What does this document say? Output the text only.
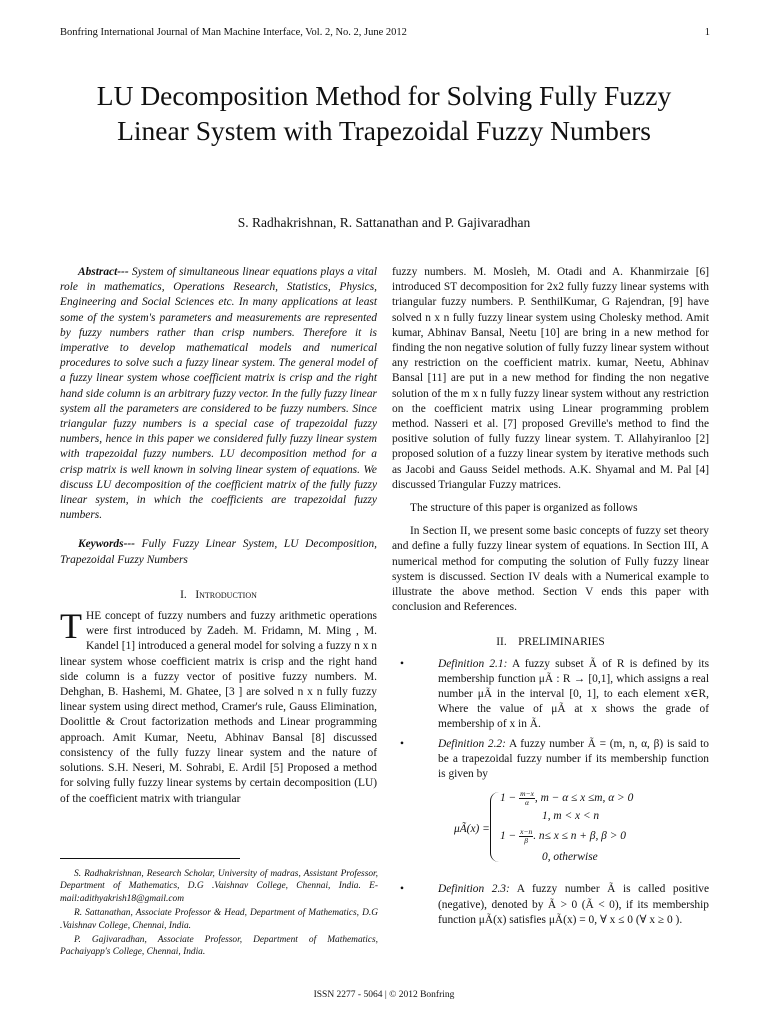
Bonfring International Journal of Man Machine Interface, Vol. 2, No. 2, June 2012	1
LU Decomposition Method for Solving Fully Fuzzy Linear System with Trapezoidal Fuzzy Numbers
S. Radhakrishnan, R. Sattanathan and P. Gajivaradhan

Abstract--- System of simultaneous linear equations plays a vital role in mathematics, Operations Research, Statistics, Physics, Engineering and Social Sciences etc. In many applications at least some of the system's parameters and measurements are represented by fuzzy numbers rather than crisp numbers. Therefore it is imperative to develop mathematical models and numerical procedures to solve such a fuzzy linear system. The general model of a fuzzy linear system whose coefficient matrix is crisp and the right hand side column is an arbitrary fuzzy vector. In the fully fuzzy linear system all the parameters are considered to be fuzzy numbers. Since triangular fuzzy numbers is a special case of trapezoidal fuzzy numbers, hence in this paper we considered fully fuzzy linear system with trapezoidal fuzzy numbers. LU decomposition method for a crisp matrix is well known in solving linear system of equations. We discuss LU decomposition of the coefficient matrix of the fully fuzzy linear system, in which the coefficients are trapezoidal fuzzy numbers.

Keywords--- Fully Fuzzy Linear System, LU Decomposition, Trapezoidal Fuzzy Numbers

I. Introduction
T HE concept of fuzzy numbers and fuzzy arithmetic operations were first introduced by Zadeh. M. Fridamn, M. Ming , M. Kandel [1] introduced a general model for solving a fuzzy n x n linear system whose coefficient matrix is crisp and the right hand side column is a fuzzy vector of positive fuzzy numbers. M. Dehghan, B. Hashemi, M. Ghatee, [3 ] are solved n x n fully fuzzy linear system using direct method, Cramer's rule, Gauss Elimination, Doolittle & Crout factorization methods and Linear programming approach. Amit Kumar, Neetu, Abhinav Bansal [8] discussed consistency of the fully fuzzy linear system and the nature of solutions. S.H. Neseri, M. Sohrabi, E. Ardil [5] Proposed a method for solving fully fuzzy linear systems by certain decomposition (LU) of the coefficient matrix with triangular

S. Radhakrishnan, Research Scholar, University of madras, Assistant Professor, Department of Mathematics, D.G .Vaishnav College, Chennai, India. E-mail:adithyakrish18@gmail.com

R. Sattanathan, Associate Professor & Head, Department of Mathematics, D.G .Vaishnav College, Chennai, India.

P. Gajivaradhan, Associate Professor, Department of Mathematics, Pachaiyapp's College, Chennai, India.

fuzzy numbers. M. Mosleh, M. Otadi and A. Khanmirzaie [6] introduced ST decomposition for 2x2 fully fuzzy linear systems with triangular fuzzy numbers. P. SenthilKumar, G Rajendran, [9] have solved n x n fully fuzzy linear system using Cholesky method. Amit kumar, Abhinav Bansal, Neetu [10] are bring in a new method for finding the non negative solution of fully fuzzy linear system without any restriction on the coefficient matrix. kumar, Neetu, Abhinav Bansal [11] are put in a new method for finding the non negative solution of the m x n fully fuzzy linear system without any restriction on the coefficient matrix using Linear programming problem method. Nasseri et al. [7] proposed Greville's method to find the positive solution of fully fuzzy linear system. T. Allahyiranloo [2] proposed solution of a fuzzy linear system by iterative methods such as Jacobi and Gauss Seidel methods. A.K. Shyamal and M. Pal [4] discussed Triangular Fuzzy matrices.

The structure of this paper is organized as follows

In Section II, we present some basic concepts of fuzzy set theory and define a fully fuzzy linear system of equations. In Section III, A numerical method for computing the solution of Fully fuzzy linear system is discussed. Section IV deals with a Numerical example to illustrate the above method. Section V ends this paper with conclusion and References.

II. PRELIMINARIES
•	Definition 2.1: A fuzzy subset Ã of R is defined by its membership function μÃ : R → [0,1], which assigns a real number μÃ in the interval [0, 1], to each element x∈R, Where the value of μÃ at x shows the grade of membership of x in Ã.
•	Definition 2.2: A fuzzy number Ã = (m, n, α, β) is said to be a trapezoidal fuzzy number if its membership function is given by
μÃ(x) =
$1 - \frac{m-x}{\alpha}$ , m − α ≤ x ≤m, α > 0
1, m < x < n
$1 - \frac{x-n}{\beta}$ . n≤ x ≤ n + β, β > 0
0, otherwise
•	Definition 2.3: A fuzzy number Ã is called positive (negative), denoted by Ã > 0 (Ã < 0), if its membership function μÃ(x) satisfies μÃ(x) = 0, ∀ x ≤ 0 (∀ x ≥ 0 ).
ISSN 2277 - 5064 | © 2012 Bonfring
